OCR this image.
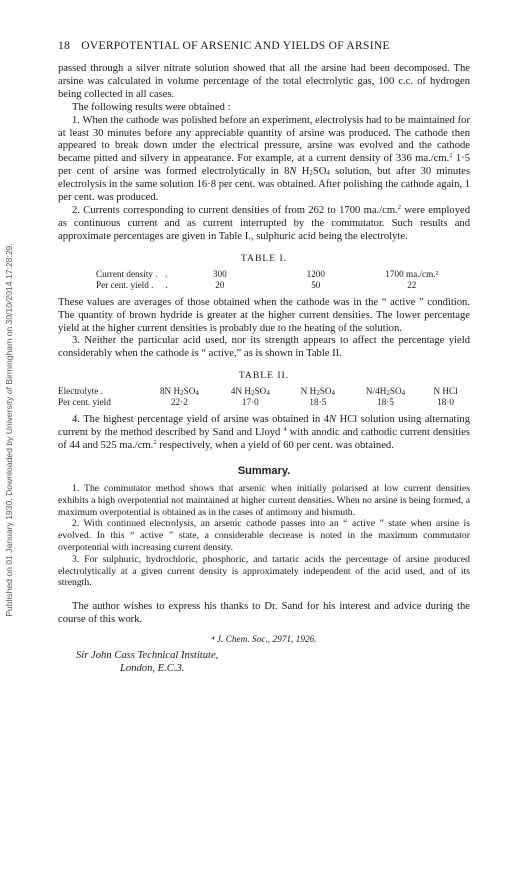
Published on 01 January 1930. Downloaded by University of Birmingham on 30/10/2014 17:28:29.
18 OVERPOTENTIAL OF ARSENIC AND YIELDS OF ARSINE

passed through a silver nitrate solution showed that all the arsine had been decomposed. The arsine was calculated in volume percentage of the total electrolytic gas, 100 c.c. of hydrogen being collected in all cases.

The following results were obtained :

1. When the cathode was polished before an experiment, electrolysis had to be maintained for at least 30 minutes before any appreciable quantity of arsine was produced. The cathode then appeared to break down under the electrical pressure, arsine was evolved and the cathode became pitted and silvery in appearance. For example, at a current density of 336 ma./cm.$^2$ 1·5 per cent of arsine was formed electrolytically in 8N $H_2SO_4$ solution, but after 30 minutes electrolysis in the same solution 16·8 per cent. was obtained. After polishing the cathode again, 1 per cent. was produced.

2. Currents corresponding to current densities of from 262 to 1700 ma./cm.$^2$ were employed as continuous current and as current interrupted by the commutator. Such results and approximate percentages are given in Table I., sulphuric acid being the electrolyte.

TABLE I.
Current density .	.	300	1200	1700 ma./cm.²
Per cent. yield .	.	20	50	22

These values are averages of those obtained when the cathode was in the “ active ” condition. The quantity of brown hydride is greater at the higher current densities. The lower percentage yield at the higher current densities is probably due to the heating of the solution.

3. Neither the particular acid used, nor its strength appears to affect the percentage yield considerably when the cathode is “ active,” as is shown in Table II.

TABLE II.
Electrolyte .	8N $H_2SO_4$	4N $H_2SO_4$	N $H_2SO_4$	$N/4H_2SO_4$	N HCl
Per cent. yield	22·2	17·0	18·5	18·5	18·0

4. The highest percentage yield of arsine was obtained in 4N HCl solution using alternating current by the method described by Sand and Lloyd $^4$ with anodic and cathodic current densities of 44 and 525 ma./cm.$^2$ respectively, when a yield of 60 per cent. was obtained.

Summary.

1. The commutator method shows that arsenic when initially polarised at low current densities exhibits a high overpotential not maintained at higher current densities. When no arsine is being formed, a maximum overpotential is obtained as in the cases of antimony and bismuth.

2. With continued electrolysis, an arsenic cathode passes into an “ active ” state when arsine is evolved. In this “ active ” state, a considerable decrease is noted in the maximum commutator overpotential with increasing current density.

3. For sulphuric, hydrochloric, phosphoric, and tartaric acids the percentage of arsine produced electrolytically at a given current density is approximately independent of the acid used, and of its strength.

The author wishes to express his thanks to Dr. Sand for his interest and advice during the course of this work.

⁴ J. Chem. Soc., 2971, 1926.
Sir John Cass Technical Institute,
London, E.C.3.
